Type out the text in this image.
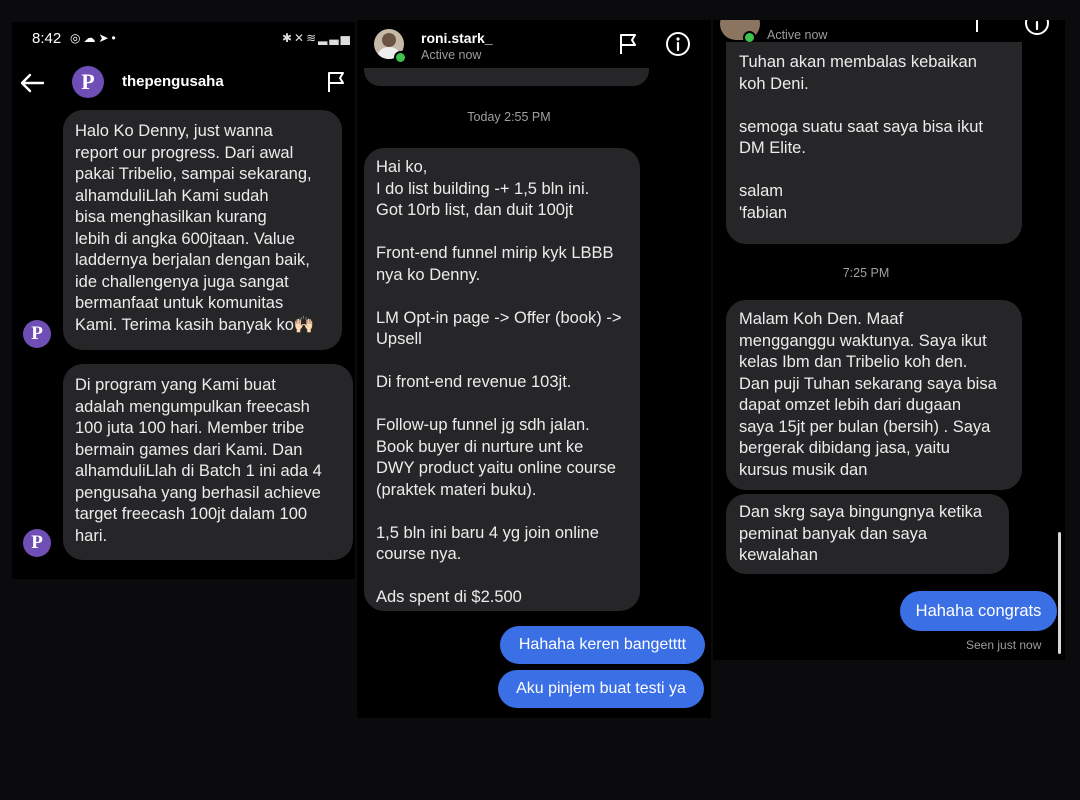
8:42 ◎☁➤•	✱✕≋▂▃▅
P	thepengusaha
Halo Ko Denny, just wanna
report our progress. Dari awal
pakai Tribelio, sampai sekarang,
alhamduliLlah Kami sudah
bisa menghasilkan kurang
lebih di angka 600jtaan. Value
laddernya berjalan dengan baik,
ide challengenya juga sangat
bermanfaat untuk komunitas
Kami. Terima kasih banyak ko🙌🏻
P
Di program yang Kami buat
adalah mengumpulkan freecash
100 juta 100 hari. Member tribe
bermain games dari Kami. Dan
alhamduliLlah di Batch 1 ini ada 4
pengusaha yang berhasil achieve
target freecash 100jt dalam 100
hari.
P
roni.stark_
Active now
Today 2:55 PM
Hai ko,
I do list building -+ 1,5 bln ini.
Got 10rb list, dan duit 100jt

Front-end funnel mirip kyk LBBB
nya ko Denny.

LM Opt-in page -> Offer (book) ->
Upsell

Di front-end revenue 103jt.

Follow-up funnel jg sdh jalan.
Book buyer di nurture unt ke
DWY product yaitu online course
(praktek materi buku).

1,5 bln ini baru 4 yg join online
course nya.

Ads spent di $2.500
Hahaha keren bangetttt
Aku pinjem buat testi ya
Active now
Tuhan akan membalas kebaikan
koh Deni.

semoga suatu saat saya bisa ikut
DM Elite.

salam
'fabian
7:25 PM
Malam Koh Den. Maaf
mengganggu waktunya. Saya ikut
kelas Ibm dan Tribelio koh den.
Dan puji Tuhan sekarang saya bisa
dapat omzet lebih dari dugaan
saya 15jt per bulan (bersih) . Saya
bergerak dibidang jasa, yaitu
kursus musik dan
Dan skrg saya bingungnya ketika
peminat banyak dan saya
kewalahan
Hahaha congrats
Seen just now
